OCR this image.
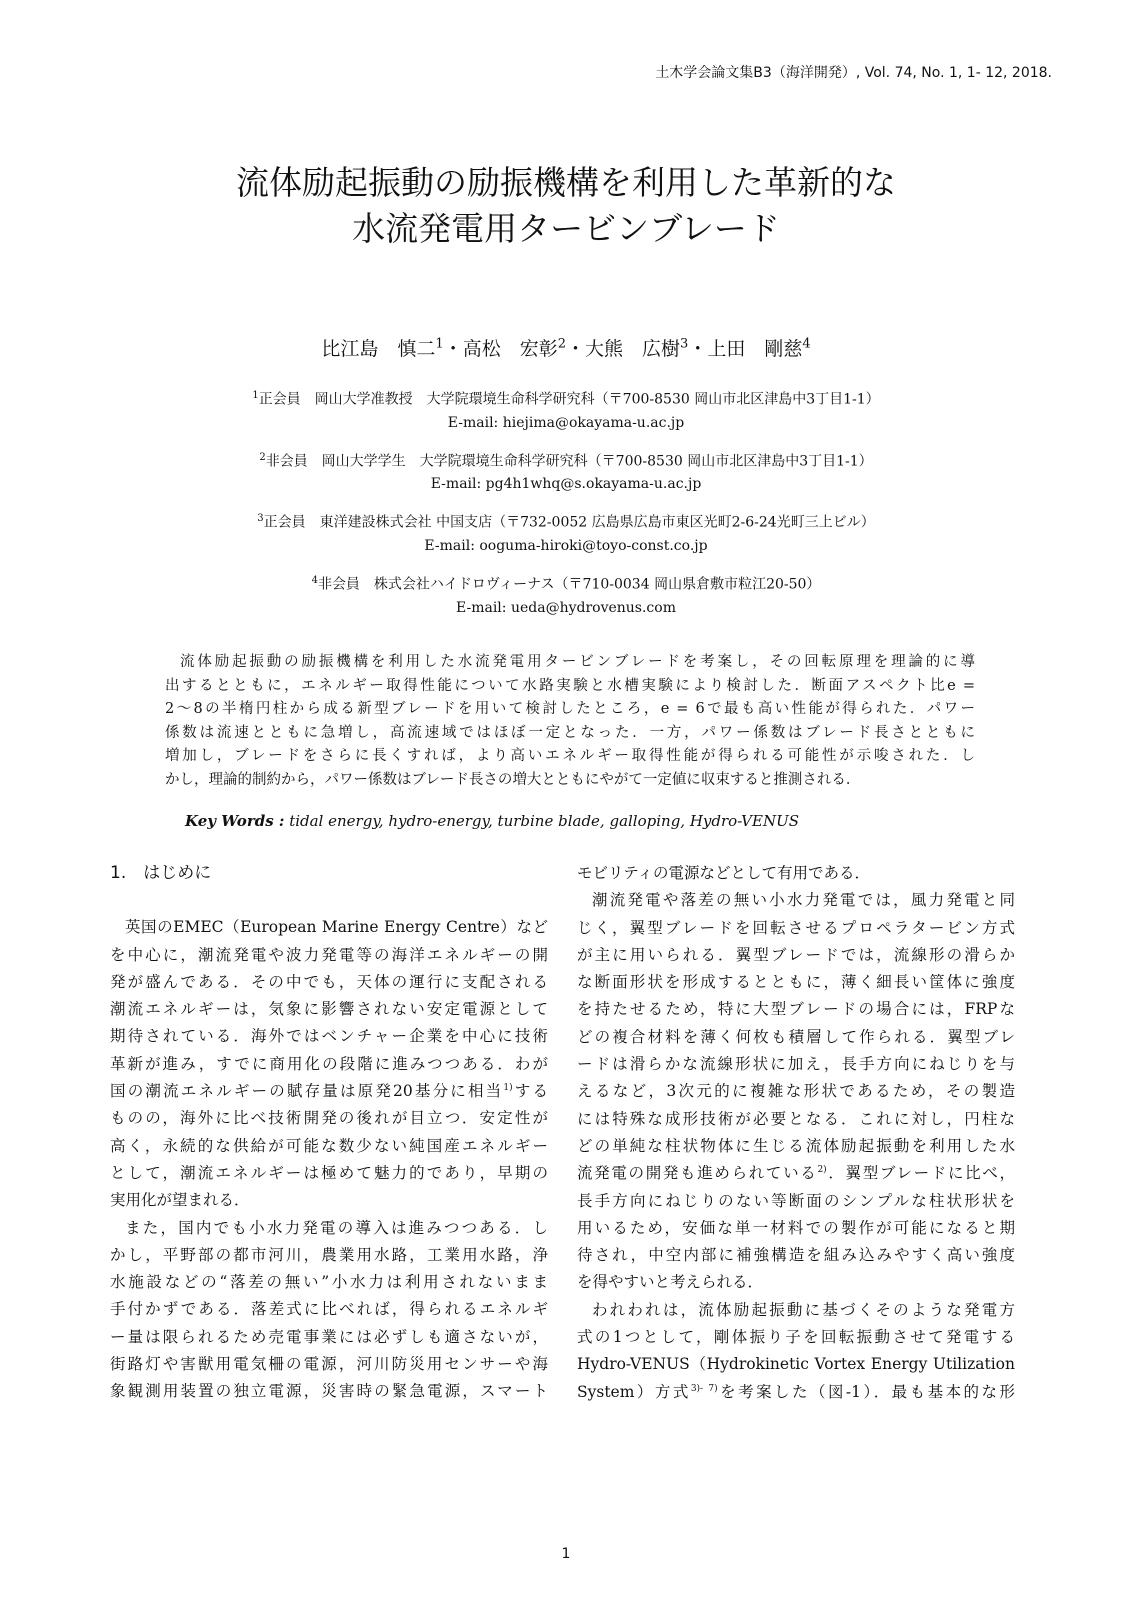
土木学会論文集B3（海洋開発）, Vol. 74, No. 1, 1- 12, 2018.
流体励起振動の励振機構を利用した革新的な
水流発電用タービンブレード
比江島　慎二$^1$・高松　宏彰$^2$・大熊　広樹$^3$・上田　剛慈$^4$
$^1$正会員　岡山大学准教授　大学院環境生命科学研究科（〒700-8530 岡山市北区津島中3丁目1-1）
E-mail: hiejima@okayama-u.ac.jp
$^2$非会員　岡山大学学生　大学院環境生命科学研究科（〒700-8530 岡山市北区津島中3丁目1-1）
E-mail: pg4h1whq@s.okayama-u.ac.jp
$^3$正会員　東洋建設株式会社 中国支店（〒732-0052 広島県広島市東区光町2-6-24光町三上ビル）
E-mail: ooguma-hiroki@toyo-const.co.jp
$^4$非会員　株式会社ハイドロヴィーナス（〒710-0034 岡山県倉敷市粒江20-50）
E-mail: ueda@hydrovenus.com
流体励起振動の励振機構を利用した水流発電用タービンブレードを考案し，その回転原理を理論的に導
出するとともに，エネルギー取得性能について水路実験と水槽実験により検討した．断面アスペクト比e =
2～8の半楕円柱から成る新型ブレードを用いて検討したところ，e = 6で最も高い性能が得られた．パワー
係数は流速とともに急増し，高流速域ではほぼ一定となった．一方，パワー係数はブレード長さとともに
増加し，ブレードをさらに長くすれば，より高いエネルギー取得性能が得られる可能性が示唆された．し
かし，理論的制約から，パワー係数はブレード長さの増大とともにやがて一定値に収束すると推測される．
Key Words : tidal energy, hydro-energy, turbine blade, galloping, Hydro-VENUS
1.　はじめに
英国のEMEC（European Marine Energy Centre）など
を中心に，潮流発電や波力発電等の海洋エネルギーの開
発が盛んである．その中でも，天体の運行に支配される
潮流エネルギーは，気象に影響されない安定電源として
期待されている．海外ではベンチャー企業を中心に技術
革新が進み，すでに商用化の段階に進みつつある．わが
国の潮流エネルギーの賦存量は原発20基分に相当$^{1)}$する
ものの，海外に比べ技術開発の後れが目立つ．安定性が
高く，永続的な供給が可能な数少ない純国産エネルギー
として，潮流エネルギーは極めて魅力的であり，早期の
実用化が望まれる．
また，国内でも小水力発電の導入は進みつつある．し
かし，平野部の都市河川，農業用水路，工業用水路，浄
水施設などの“落差の無い”小水力は利用されないまま
手付かずである．落差式に比べれば，得られるエネルギ
ー量は限られるため売電事業には必ずしも適さないが，
街路灯や害獣用電気柵の電源，河川防災用センサーや海
象観測用装置の独立電源，災害時の緊急電源，スマート
モビリティの電源などとして有用である．
潮流発電や落差の無い小水力発電では，風力発電と同
じく，翼型ブレードを回転させるプロペラタービン方式
が主に用いられる．翼型ブレードでは，流線形の滑らか
な断面形状を形成するとともに，薄く細長い筐体に強度
を持たせるため，特に大型ブレードの場合には，FRPな
どの複合材料を薄く何枚も積層して作られる．翼型ブレ
ードは滑らかな流線形状に加え，長手方向にねじりを与
えるなど，3次元的に複雑な形状であるため，その製造
には特殊な成形技術が必要となる．これに対し，円柱な
どの単純な柱状物体に生じる流体励起振動を利用した水
流発電の開発も進められている$^{2)}$．翼型ブレードに比べ，
長手方向にねじりのない等断面のシンプルな柱状形状を
用いるため，安価な単一材料での製作が可能になると期
待され，中空内部に補強構造を組み込みやすく高い強度
を得やすいと考えられる．
われわれは，流体励起振動に基づくそのような発電方
式の1つとして，剛体振り子を回転振動させて発電する
Hydro-VENUS（Hydrokinetic Vortex Energy Utilization
System）方式$^{3)- 7)}$を考案した（図-1）．最も基本的な形
1
